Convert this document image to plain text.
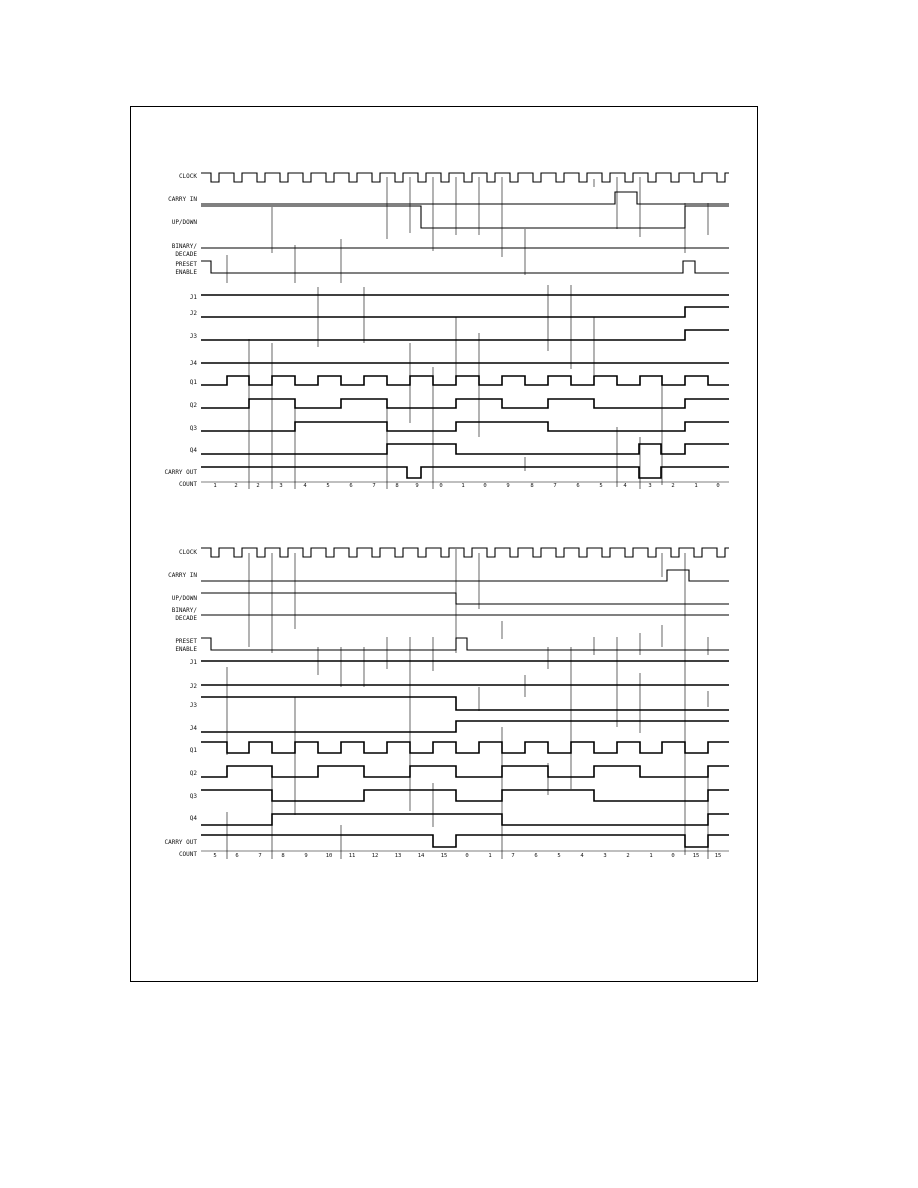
CLOCK
CARRY IN
UP/DOWN
BINARY/
DECADE
PRESET
ENABLE
J1
J2
J3
J4
Q1
Q2
Q3
Q4
CARRY OUT
COUNT	1	2	2	3	4	5	6	7	8	9	0	1	0	9	8	7	6	5	4	3	2	1	0
CLOCK
CARRY IN
UP/DOWN
BINARY/
DECADE
PRESET
ENABLE
J1
J2
J3
J4
Q1
Q2
Q3
Q4
CARRY OUT
COUNT	5	6	7	8	9	10	11	12	13	14	15	0	1	7	6	5	4	3	2	1	0	15	15
